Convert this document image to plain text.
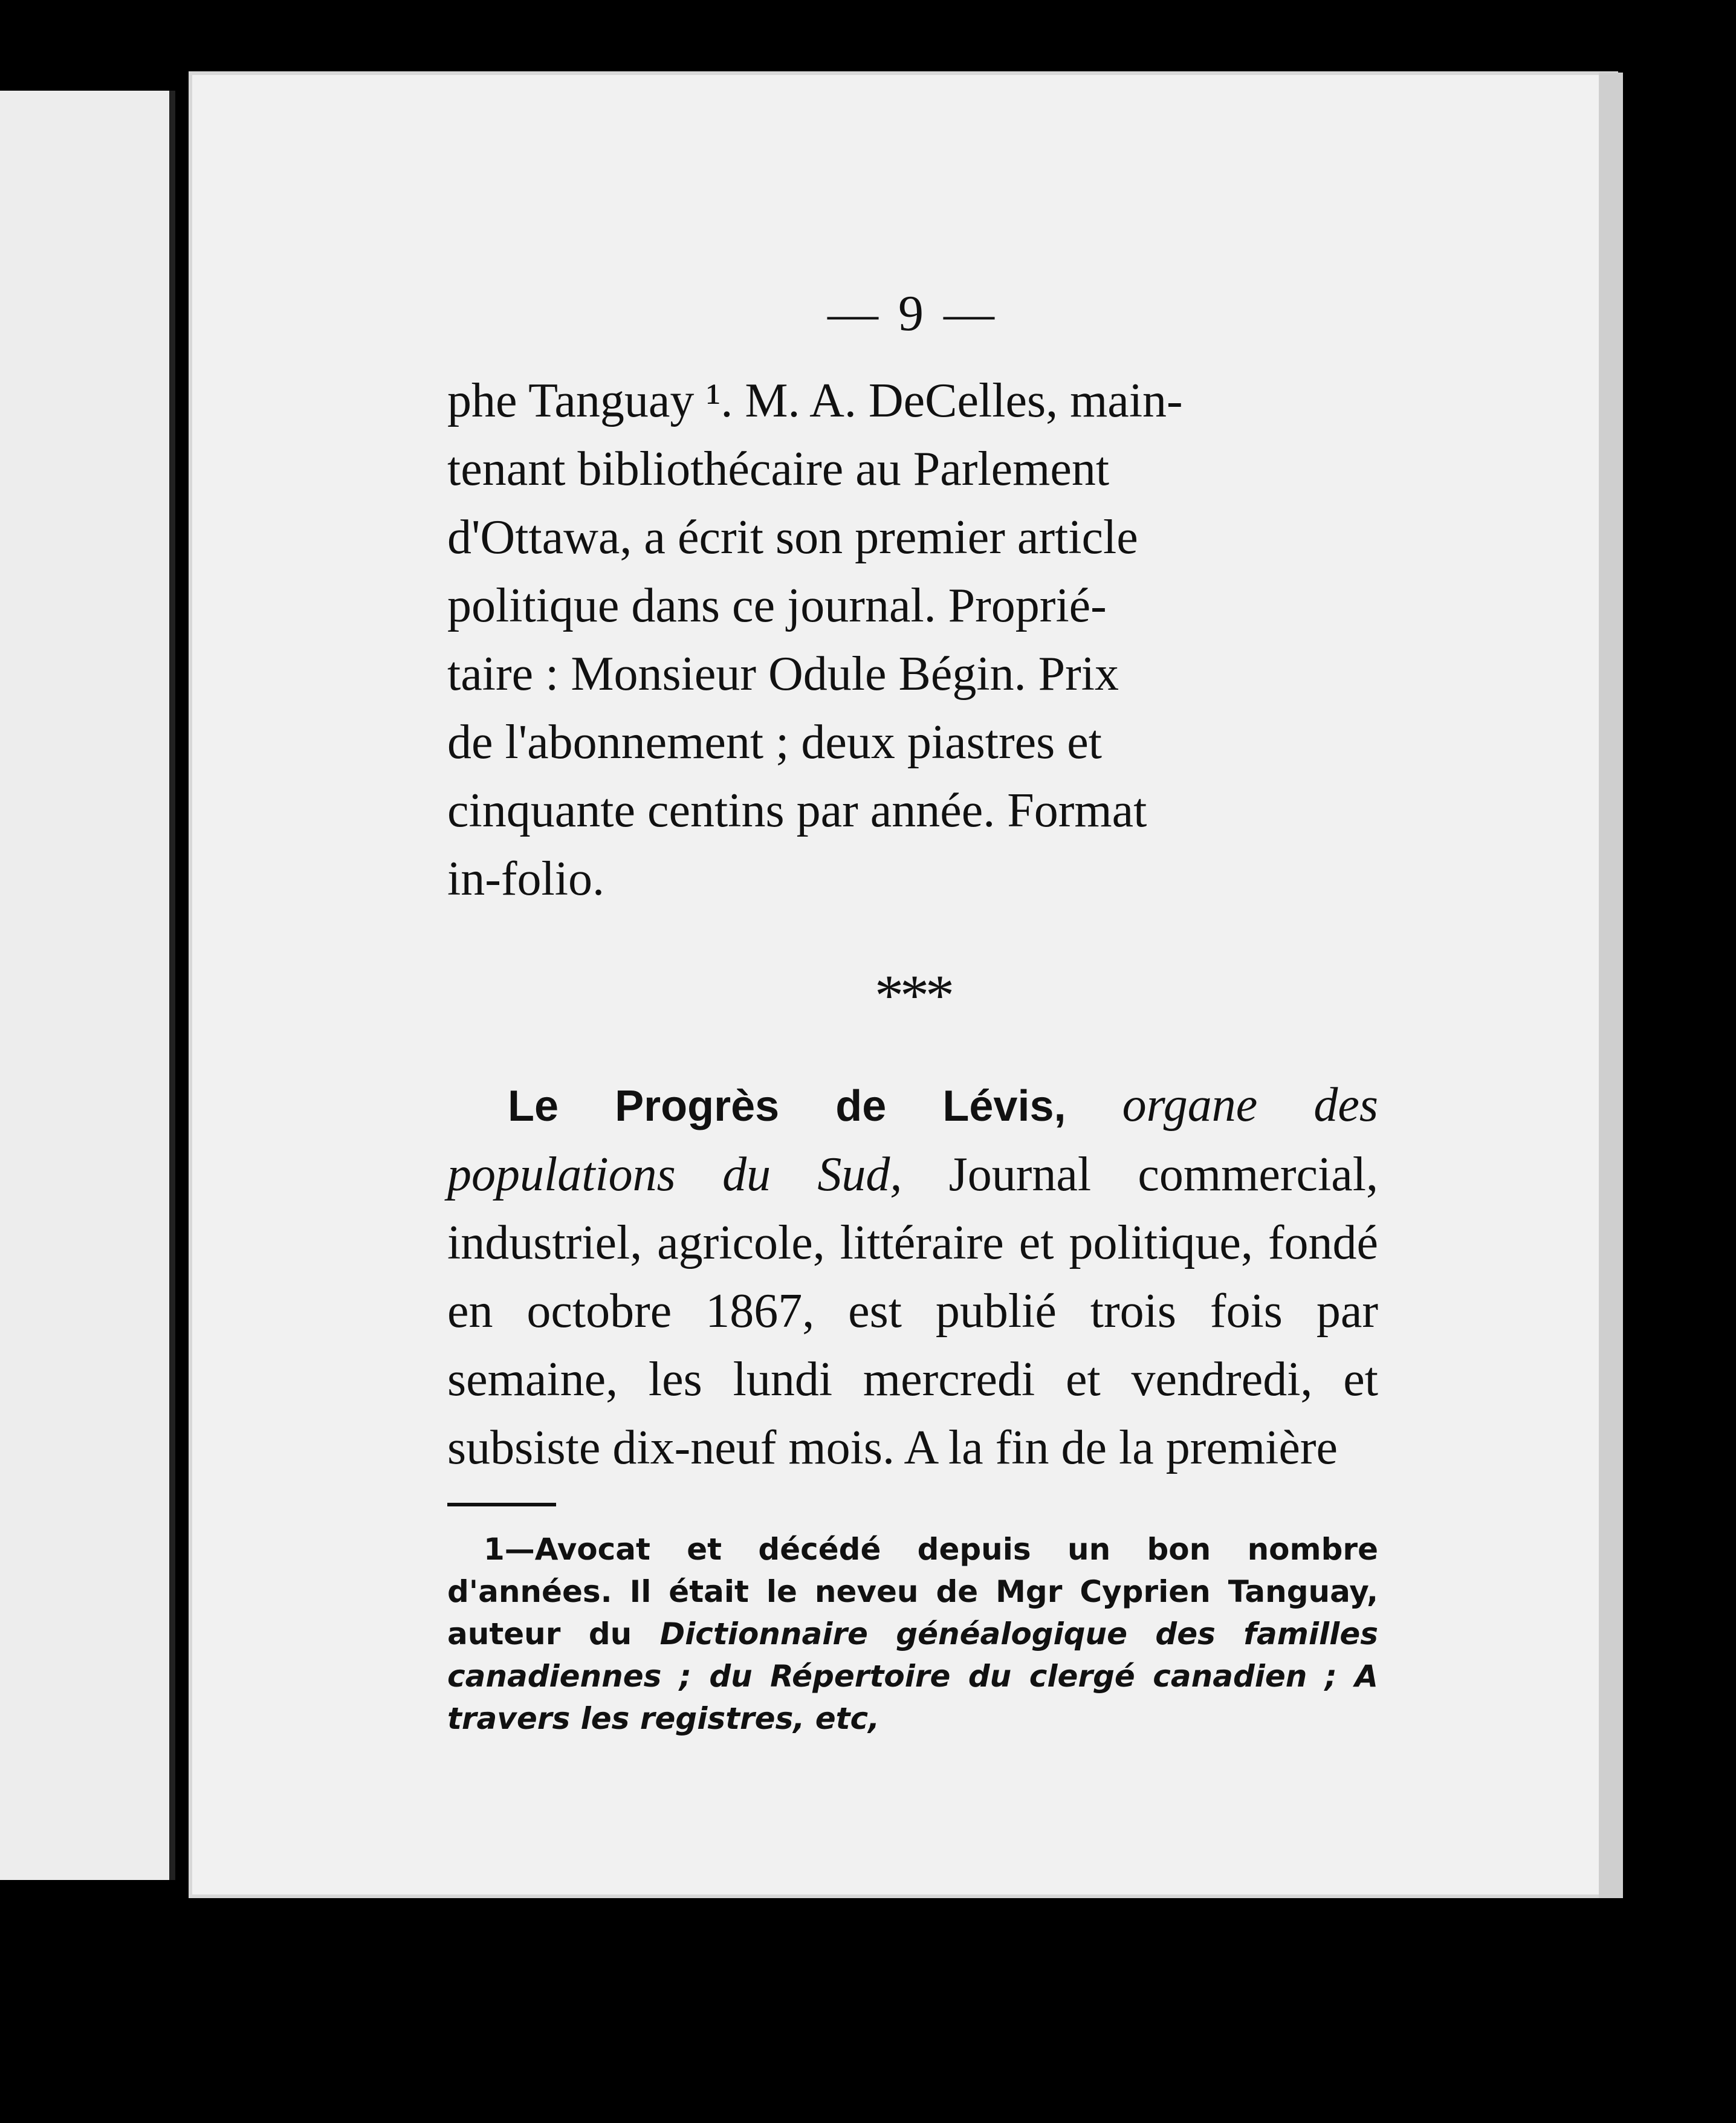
— 9 —

phe Tanguay ¹. M. A. DeCelles, main-

tenant bibliothécaire au Parlement

d'Ottawa, a écrit son premier article

politique dans ce journal. Proprié-

taire : Monsieur Odule Bégin. Prix

de l'abonnement ; deux piastres et

cinquante centins par année. Format

in-folio.

***

Le Progrès de Lévis, organe des populations du Sud, Journal commercial, industriel, agricole, littéraire et politique, fondé en octobre 1867, est publié trois fois par semaine, les lundi mercredi et vendredi, et subsiste dix-neuf mois. A la fin de la première

1—Avocat et décédé depuis un bon nombre d'années. Il était le neveu de Mgr Cyprien Tanguay, auteur du Dictionnaire généalogique des familles canadiennes ; du Répertoire du clergé canadien ; A travers les registres, etc,
